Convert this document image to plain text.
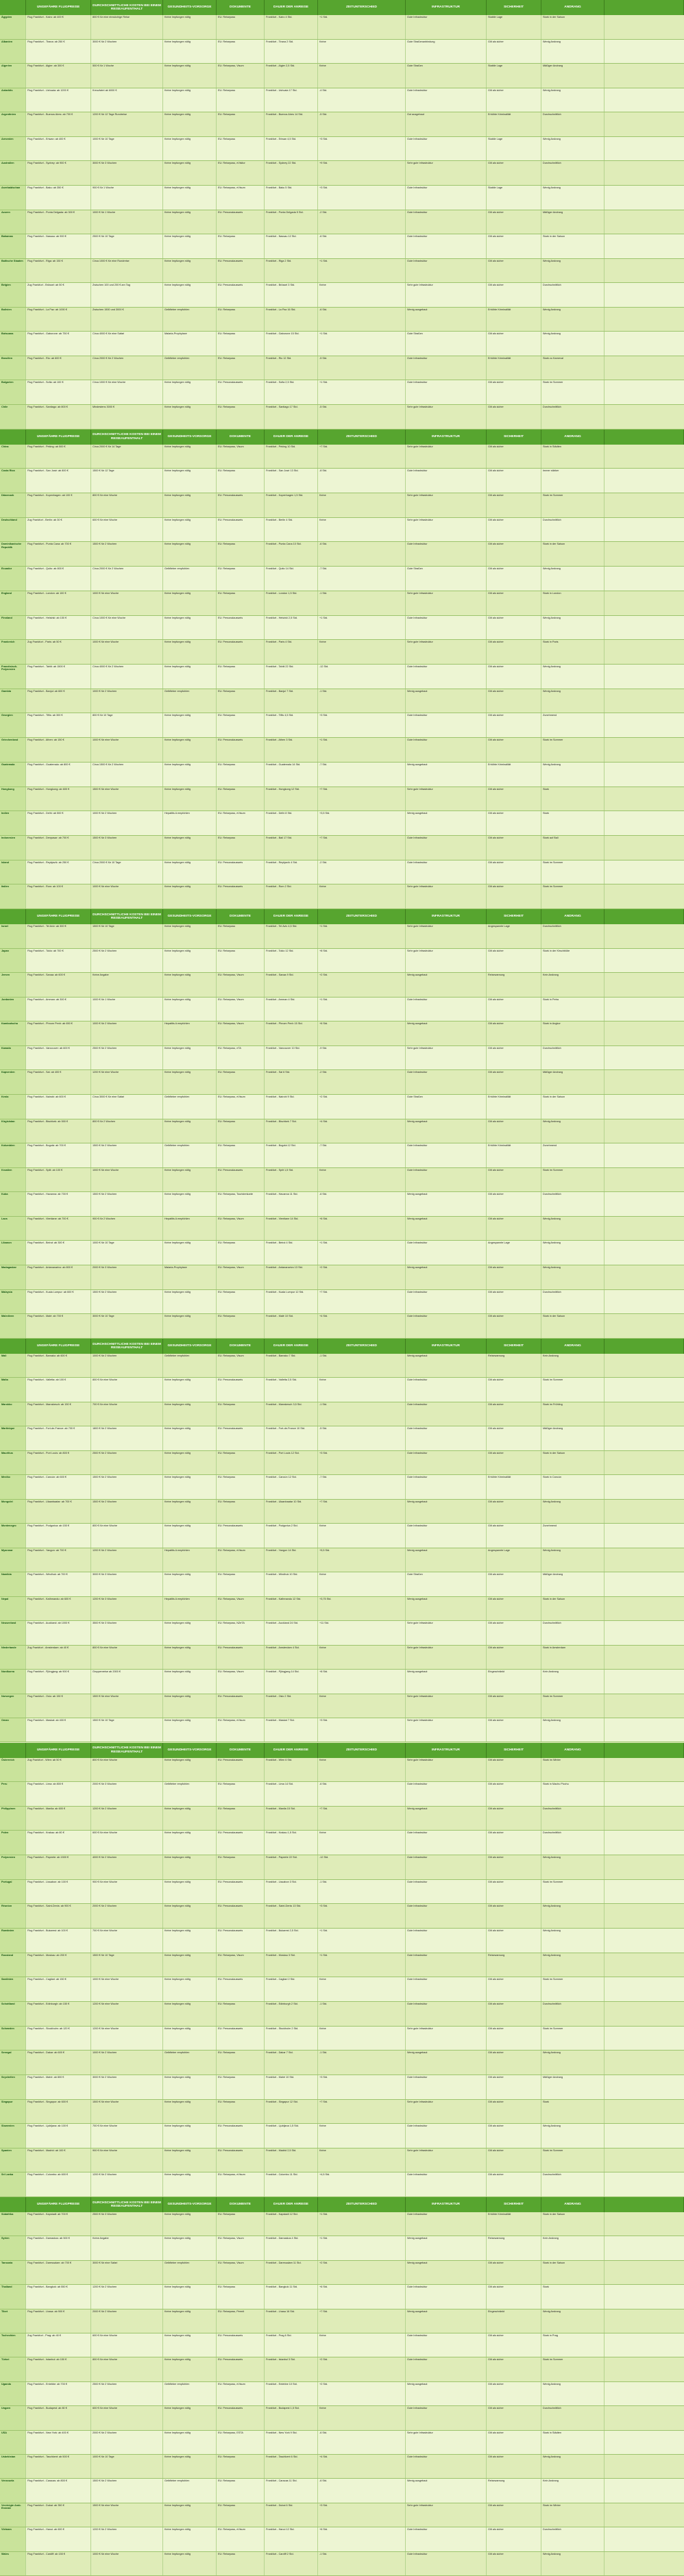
UNGEFÄHRE FLUGPREISE
DURCHSCHNITTLICHE KOSTEN BEI EINEM REISEAUFENTHALT
GESUNDHEITS-VORSORGE	DOKUMENTE	DAUER DER ANREISE	ZEITUNTERSCHIED	INFRASTRUKTUR	SICHERHEIT	ANDRANG
Ägypten	Flug Frankfurt - Kairo: ab 400 €	800 € für eine einwöchige Reise	Keine Impfungen nötig	EU: Reisepass	Frankfurt - Kairo 4 Std.	+1 Std.	Gute Infrastruktur	Stabile Lage	Stark in der Saison
Albanien	Flug Frankfurt - Tirana: ab 250 €	3000 € für 2 Wochen	Keine Impfungen nötig	EU: Reisepass	Frankfurt - Tirana 2 Std.	Keine	Gute Straßenanbindung	Gilt als sicher	Wenig Andrang
Algerien	Flug Frankfurt - Algier: ab 300 €	500 € für 1 Woche	Keine Impfungen nötig	EU: Reisepass, Visum	Frankfurt - Algier 2,5 Std.	Keine	Gute Straßen	Stabile Lage	Mäßiger Andrang
Antarktis	Flug Frankfurt - Ushuaia: ab 1200 €	Kreuzfahrt ab 6000 €	Keine Impfungen nötig	EU: Reisepass	Frankfurt - Ushuaia 17 Std.	-4 Std.	Gute Infrastruktur	Gilt als sicher	Wenig Andrang
Argentinien	Flug Frankfurt - Buenos Aires: ab 700 €	1200 € für 12 Tage Rundreise	Keine Impfungen nötig	EU: Reisepass	Frankfurt - Buenos Aires 14 Std.	-5 Std.	Gut ausgebaut	Erhöhte Kriminalität	Durchschnittlich
Armenien	Flug Frankfurt - Eriwan: ab 400 €	1000 € für 10 Tage	Keine Impfungen nötig	EU: Reisepass	Frankfurt - Eriwan 4,5 Std.	+3 Std.	Gute Infrastruktur	Stabile Lage	Wenig Andrang
Australien	Flug Frankfurt - Sydney: ab 900 €	3000 € für 3 Wochen	Keine Impfungen nötig	EU: Reisepass, eVisitor	Frankfurt - Sydney 22 Std.	+9 Std.	Sehr gute Infrastruktur	Gilt als sicher	Durchschnittlich
Aserbaidschan	Flug Frankfurt - Baku: ab 350 €	900 € für 1 Woche	Keine Impfungen nötig	EU: Reisepass, eVisum	Frankfurt - Baku 5 Std.	+3 Std.	Gute Infrastruktur	Stabile Lage	Wenig Andrang
Azoren	Flug Frankfurt - Ponta Delgada: ab 300 €	1000 € für 1 Woche	Keine Impfungen nötig	EU: Personalausweis	Frankfurt - Ponta Delgada 5 Std.	-2 Std.	Gute Infrastruktur	Gilt als sicher	Mäßiger Andrang
Bahamas	Flug Frankfurt - Nassau: ab 900 €	2500 € für 10 Tage	Keine Impfungen nötig	EU: Reisepass	Frankfurt - Nassau 12 Std.	-6 Std.	Gute Infrastruktur	Gilt als sicher	Stark in der Saison
Baltische Staaten	Flug Frankfurt - Riga: ab 150 €	Circa 1000 € für eine Rundreise	Keine Impfungen nötig	EU: Personalausweis	Frankfurt - Riga 2 Std.	+1 Std.	Gute Infrastruktur	Gilt als sicher	Wenig Andrang
Belgien	Zug Frankfurt - Brüssel: ab 50 €	Zwischen 100 und 200 € am Tag	Keine Impfungen nötig	EU: Personalausweis	Frankfurt - Brüssel 3 Std.	Keine	Sehr gute Infrastruktur	Gilt als sicher	Durchschnittlich
Bolivien	Flug Frankfurt - La Paz: ab 1000 €	Zwischen 1500 und 3000 €	Gelbfieber empfohlen	EU: Reisepass	Frankfurt - La Paz 16 Std.	-6 Std.	Wenig ausgebaut	Erhöhte Kriminalität	Wenig Andrang
Botsuana	Flug Frankfurt - Gaborone: ab 750 €	Circa 4000 € für eine Safari	Malaria-Prophylaxe	EU: Reisepass	Frankfurt - Gaborone 15 Std.	+1 Std.	Gute Straßen	Gilt als sicher	Wenig Andrang
Brasilien	Flug Frankfurt - Rio: ab 600 €	Circa 2000 € für 2 Wochen	Gelbfieber empfohlen	EU: Reisepass	Frankfurt - Rio 12 Std.	-5 Std.	Gute Infrastruktur	Erhöhte Kriminalität	Stark zu Karneval
Bulgarien	Flug Frankfurt - Sofia: ab 100 €	Circa 1000 € für eine Woche	Keine Impfungen nötig	EU: Personalausweis	Frankfurt - Sofia 2,5 Std.	+1 Std.	Gute Infrastruktur	Gilt als sicher	Stark im Sommer
Chile	Flug Frankfurt - Santiago: ab 800 €	Mindestens 3000 €	Keine Impfungen nötig	EU: Reisepass	Frankfurt - Santiago 17 Std.	-5 Std.	Sehr gute Infrastruktur	Gilt als sicher	Durchschnittlich
UNGEFÄHRE FLUGPREISE
DURCHSCHNITTLICHE KOSTEN BEI EINEM REISEAUFENTHALT
GESUNDHEITS-VORSORGE	DOKUMENTE	DAUER DER ANREISE	ZEITUNTERSCHIED	INFRASTRUKTUR	SICHERHEIT	ANDRANG
China	Flug Frankfurt - Peking: ab 500 €	Circa 2000 € für 14 Tage	Keine Impfungen nötig	EU: Reisepass, Visum	Frankfurt - Peking 10 Std.	+7 Std.	Sehr gute Infrastruktur	Gilt als sicher	Stark in Städten
Costa Rica	Flug Frankfurt - San José: ab 800 €	1500 € für 12 Tage	Keine Impfungen nötig	EU: Reisepass	Frankfurt - San José 13 Std.	-8 Std.	Gute Infrastruktur	Gilt als sicher	Immer stärker
Dänemark	Flug Frankfurt - Kopenhagen: ab 100 €	800 € für eine Woche	Keine Impfungen nötig	EU: Personalausweis	Frankfurt - Kopenhagen 1,5 Std.	Keine	Sehr gute Infrastruktur	Gilt als sicher	Stark im Sommer
Deutschland	Zug Frankfurt - Berlin: ab 30 €	600 € für eine Woche	Keine Impfungen nötig	EU: Personalausweis	Frankfurt - Berlin 4 Std.	Keine	Sehr gute Infrastruktur	Gilt als sicher	Durchschnittlich
Dominikanische Republik
Flug Frankfurt - Punta Cana: ab 700 €	1500 € für 2 Wochen	Keine Impfungen nötig	EU: Reisepass	Frankfurt - Punta Cana 10 Std.	-6 Std.	Gute Infrastruktur	Gilt als sicher	Stark in der Saison
Ecuador	Flug Frankfurt - Quito: ab 800 €	Circa 2000 € für 2 Wochen	Gelbfieber empfohlen	EU: Reisepass	Frankfurt - Quito 14 Std.	-7 Std.	Gute Straßen	Gilt als sicher	Wenig Andrang
England	Flug Frankfurt - London: ab 100 €	1000 € für eine Woche	Keine Impfungen nötig	EU: Reisepass	Frankfurt - London 1,5 Std.	-1 Std.	Sehr gute Infrastruktur	Gilt als sicher	Stark in London
Finnland	Flug Frankfurt - Helsinki: ab 150 €	Circa 1000 € für eine Woche	Keine Impfungen nötig	EU: Personalausweis	Frankfurt - Helsinki 2,5 Std.	+1 Std.	Gute Infrastruktur	Gilt als sicher	Wenig Andrang
Frankreich	Zug Frankfurt - Paris: ab 50 €	1000 € für eine Woche	Keine Impfungen nötig	EU: Personalausweis	Frankfurt - Paris 4 Std.	Keine	Sehr gute Infrastruktur	Gilt als sicher	Stark in Paris
Französisch-Polynesien
Flug Frankfurt - Tahiti: ab 1500 €	Circa 4000 € für 2 Wochen	Keine Impfungen nötig	EU: Reisepass	Frankfurt - Tahiti 22 Std.	-12 Std.	Gute Infrastruktur	Gilt als sicher	Wenig Andrang
Gambia	Flug Frankfurt - Banjul: ab 600 €	1000 € für 2 Wochen	Gelbfieber empfohlen	EU: Reisepass	Frankfurt - Banjul 7 Std.	-1 Std.	Wenig ausgebaut	Gilt als sicher	Wenig Andrang
Georgien	Flug Frankfurt - Tiflis: ab 300 €	800 € für 10 Tage	Keine Impfungen nötig	EU: Reisepass	Frankfurt - Tiflis 4,5 Std.	+3 Std.	Gute Infrastruktur	Gilt als sicher	Zunehmend
Griechenland	Flug Frankfurt - Athen: ab 150 €	1000 € für eine Woche	Keine Impfungen nötig	EU: Personalausweis	Frankfurt - Athen 3 Std.	+1 Std.	Gute Infrastruktur	Gilt als sicher	Stark im Sommer
Guatemala	Flug Frankfurt - Guatemala: ab 800 €	Circa 1500 € für 2 Wochen	Keine Impfungen nötig	EU: Reisepass	Frankfurt - Guatemala 14 Std.	-7 Std.	Wenig ausgebaut	Erhöhte Kriminalität	Wenig Andrang
Hongkong	Flug Frankfurt - Hongkong: ab 600 €	1500 € für eine Woche	Keine Impfungen nötig	EU: Reisepass	Frankfurt - Hongkong 12 Std.	+7 Std.	Sehr gute Infrastruktur	Gilt als sicher	Stark
Indien	Flug Frankfurt - Delhi: ab 500 €	1000 € für 2 Wochen	Hepatitis A empfohlen	EU: Reisepass, eVisum	Frankfurt - Delhi 8 Std.	+3,5 Std.	Wenig ausgebaut	Gilt als sicher	Stark
Indonesien	Flug Frankfurt - Denpasar: ab 700 €	1500 € für 3 Wochen	Keine Impfungen nötig	EU: Reisepass	Frankfurt - Bali 17 Std.	+7 Std.	Gute Infrastruktur	Gilt als sicher	Stark auf Bali
Island	Flug Frankfurt - Reykjavík: ab 250 €	Circa 2000 € für 10 Tage	Keine Impfungen nötig	EU: Personalausweis	Frankfurt - Reykjavík 4 Std.	-2 Std.	Gute Infrastruktur	Gilt als sicher	Stark im Sommer
Italien	Flug Frankfurt - Rom: ab 100 €	1000 € für eine Woche	Keine Impfungen nötig	EU: Personalausweis	Frankfurt - Rom 2 Std.	Keine	Sehr gute Infrastruktur	Gilt als sicher	Stark im Sommer
UNGEFÄHRE FLUGPREISE
DURCHSCHNITTLICHE KOSTEN BEI EINEM REISEAUFENTHALT
GESUNDHEITS-VORSORGE	DOKUMENTE	DAUER DER ANREISE	ZEITUNTERSCHIED	INFRASTRUKTUR	SICHERHEIT	ANDRANG
Israel	Flug Frankfurt - Tel Aviv: ab 300 €	1500 € für 10 Tage	Keine Impfungen nötig	EU: Reisepass	Frankfurt - Tel Aviv 4,5 Std.	+1 Std.	Sehr gute Infrastruktur	Angespannte Lage	Durchschnittlich
Japan	Flug Frankfurt - Tokio: ab 700 €	2500 € für 2 Wochen	Keine Impfungen nötig	EU: Reisepass	Frankfurt - Tokio 12 Std.	+8 Std.	Sehr gute Infrastruktur	Gilt als sicher	Stark in der Kirschblüte
Jemen	Flug Frankfurt - Sanaa: ab 600 €	Keine Angabe	Keine Impfungen nötig	EU: Reisepass, Visum	Frankfurt - Sanaa 9 Std.	+2 Std.	Wenig ausgebaut	Reisewarnung	Kein Andrang
Jordanien	Flug Frankfurt - Amman: ab 300 €	1000 € für 1 Woche	Keine Impfungen nötig	EU: Reisepass, Visum	Frankfurt - Amman 4 Std.	+1 Std.	Gute Infrastruktur	Gilt als sicher	Stark in Petra
Kambodscha	Flug Frankfurt - Phnom Penh: ab 650 €	1000 € für 2 Wochen	Hepatitis A empfohlen	EU: Reisepass, Visum	Frankfurt - Phnom Penh 15 Std.	+6 Std.	Wenig ausgebaut	Gilt als sicher	Stark in Angkor
Kanada	Flug Frankfurt - Vancouver: ab 600 €	2500 € für 2 Wochen	Keine Impfungen nötig	EU: Reisepass, eTA	Frankfurt - Vancouver 10 Std.	-9 Std.	Sehr gute Infrastruktur	Gilt als sicher	Durchschnittlich
Kapverden	Flug Frankfurt - Sal: ab 400 €	1200 € für eine Woche	Keine Impfungen nötig	EU: Reisepass	Frankfurt - Sal 6 Std.	-2 Std.	Gute Infrastruktur	Gilt als sicher	Mäßiger Andrang
Kenia	Flug Frankfurt - Nairobi: ab 600 €	Circa 3000 € für eine Safari	Gelbfieber empfohlen	EU: Reisepass, eVisum	Frankfurt - Nairobi 9 Std.	+2 Std.	Gute Straßen	Erhöhte Kriminalität	Stark in der Saison
Kirgisistan	Flug Frankfurt - Bischkek: ab 500 €	800 € für 2 Wochen	Keine Impfungen nötig	EU: Reisepass	Frankfurt - Bischkek 7 Std.	+4 Std.	Wenig ausgebaut	Gilt als sicher	Wenig Andrang
Kolumbien	Flug Frankfurt - Bogotá: ab 700 €	1500 € für 2 Wochen	Gelbfieber empfohlen	EU: Reisepass	Frankfurt - Bogotá 12 Std.	-7 Std.	Gute Infrastruktur	Erhöhte Kriminalität	Zunehmend
Kroatien	Flug Frankfurt - Split: ab 100 €	1000 € für eine Woche	Keine Impfungen nötig	EU: Personalausweis	Frankfurt - Split 1,5 Std.	Keine	Gute Infrastruktur	Gilt als sicher	Stark im Sommer
Kuba	Flug Frankfurt - Havanna: ab 700 €	1500 € für 2 Wochen	Keine Impfungen nötig	EU: Reisepass, Touristenkarte	Frankfurt - Havanna 11 Std.	-6 Std.	Wenig ausgebaut	Gilt als sicher	Durchschnittlich
Laos	Flug Frankfurt - Vientiane: ab 700 €	900 € für 2 Wochen	Hepatitis A empfohlen	EU: Reisepass, Visum	Frankfurt - Vientiane 14 Std.	+6 Std.	Wenig ausgebaut	Gilt als sicher	Wenig Andrang
Libanon	Flug Frankfurt - Beirut: ab 300 €	1000 € für 10 Tage	Keine Impfungen nötig	EU: Reisepass	Frankfurt - Beirut 4 Std.	+1 Std.	Gute Infrastruktur	Angespannte Lage	Wenig Andrang
Madagaskar	Flug Frankfurt - Antananarivo: ab 800 €	2000 € für 3 Wochen	Malaria-Prophylaxe	EU: Reisepass, Visum	Frankfurt - Antananarivo 13 Std.	+2 Std.	Wenig ausgebaut	Gilt als sicher	Wenig Andrang
Malaysia	Flug Frankfurt - Kuala Lumpur: ab 600 €	1500 € für 2 Wochen	Keine Impfungen nötig	EU: Reisepass	Frankfurt - Kuala Lumpur 12 Std.	+7 Std.	Gute Infrastruktur	Gilt als sicher	Durchschnittlich
Malediven	Flug Frankfurt - Malé: ab 700 €	3000 € für 10 Tage	Keine Impfungen nötig	EU: Reisepass	Frankfurt - Malé 10 Std.	+4 Std.	Gute Infrastruktur	Gilt als sicher	Stark in der Saison
UNGEFÄHRE FLUGPREISE
DURCHSCHNITTLICHE KOSTEN BEI EINEM REISEAUFENTHALT
GESUNDHEITS-VORSORGE	DOKUMENTE	DAUER DER ANREISE	ZEITUNTERSCHIED	INFRASTRUKTUR	SICHERHEIT	ANDRANG
Mali	Flug Frankfurt - Bamako: ab 600 €	1000 € für 2 Wochen	Gelbfieber empfohlen	EU: Reisepass, Visum	Frankfurt - Bamako 7 Std.	-1 Std.	Wenig ausgebaut	Reisewarnung	Kein Andrang
Malta	Flug Frankfurt - Valletta: ab 100 €	800 € für eine Woche	Keine Impfungen nötig	EU: Personalausweis	Frankfurt - Valletta 2,5 Std.	Keine	Gute Infrastruktur	Gilt als sicher	Stark im Sommer
Marokko	Flug Frankfurt - Marrakesch: ab 150 €	700 € für eine Woche	Keine Impfungen nötig	EU: Reisepass	Frankfurt - Marrakesch 3,5 Std.	-1 Std.	Gute Infrastruktur	Gilt als sicher	Stark im Frühling
Martinique	Flug Frankfurt - Fort-de-France: ab 700 €	1800 € für 2 Wochen	Keine Impfungen nötig	EU: Personalausweis	Frankfurt - Fort-de-France 10 Std.	-5 Std.	Gute Infrastruktur	Gilt als sicher	Mäßiger Andrang
Mauritius	Flug Frankfurt - Port Louis: ab 800 €	2500 € für 2 Wochen	Keine Impfungen nötig	EU: Reisepass	Frankfurt - Port Louis 12 Std.	+3 Std.	Gute Infrastruktur	Gilt als sicher	Stark in der Saison
Mexiko	Flug Frankfurt - Cancún: ab 600 €	1500 € für 2 Wochen	Keine Impfungen nötig	EU: Reisepass	Frankfurt - Cancún 12 Std.	-7 Std.	Gute Infrastruktur	Erhöhte Kriminalität	Stark in Cancún
Mongolei	Flug Frankfurt - Ulaanbaatar: ab 700 €	1500 € für 2 Wochen	Keine Impfungen nötig	EU: Reisepass	Frankfurt - Ulaanbaatar 10 Std.	+7 Std.	Wenig ausgebaut	Gilt als sicher	Wenig Andrang
Montenegro	Flug Frankfurt - Podgorica: ab 150 €	800 € für eine Woche	Keine Impfungen nötig	EU: Personalausweis	Frankfurt - Podgorica 2 Std.	Keine	Gute Infrastruktur	Gilt als sicher	Zunehmend
Myanmar	Flug Frankfurt - Yangon: ab 700 €	1200 € für 2 Wochen	Hepatitis A empfohlen	EU: Reisepass, eVisum	Frankfurt - Yangon 14 Std.	+5,5 Std.	Wenig ausgebaut	Angespannte Lage	Wenig Andrang
Namibia	Flug Frankfurt - Windhuk: ab 700 €	3000 € für 3 Wochen	Keine Impfungen nötig	EU: Reisepass	Frankfurt - Windhuk 10 Std.	Keine	Gute Straßen	Gilt als sicher	Mäßiger Andrang
Nepal	Flug Frankfurt - Kathmandu: ab 600 €	1200 € für 3 Wochen	Hepatitis A empfohlen	EU: Reisepass, Visum	Frankfurt - Kathmandu 12 Std.	+3,75 Std.	Wenig ausgebaut	Gilt als sicher	Stark in der Saison
Neuseeland	Flug Frankfurt - Auckland: ab 1000 €	3500 € für 3 Wochen	Keine Impfungen nötig	EU: Reisepass, NZeTA	Frankfurt - Auckland 24 Std.	+11 Std.	Sehr gute Infrastruktur	Gilt als sicher	Durchschnittlich
Niederlande	Zug Frankfurt - Amsterdam: ab 40 €	800 € für eine Woche	Keine Impfungen nötig	EU: Personalausweis	Frankfurt - Amsterdam 4 Std.	Keine	Sehr gute Infrastruktur	Gilt als sicher	Stark in Amsterdam
Nordkorea	Flug Frankfurt - Pjöngjang: ab 900 €	Gruppenreise ab 2000 €	Keine Impfungen nötig	EU: Reisepass, Visum	Frankfurt - Pjöngjang 14 Std.	+8 Std.	Wenig ausgebaut	Eingeschränkt	Kein Andrang
Norwegen	Flug Frankfurt - Oslo: ab 150 €	1500 € für eine Woche	Keine Impfungen nötig	EU: Personalausweis	Frankfurt - Oslo 2 Std.	Keine	Sehr gute Infrastruktur	Gilt als sicher	Stark im Sommer
Oman	Flug Frankfurt - Maskat: ab 400 €	1500 € für 10 Tage	Keine Impfungen nötig	EU: Reisepass, eVisum	Frankfurt - Maskat 7 Std.	+3 Std.	Sehr gute Infrastruktur	Gilt als sicher	Wenig Andrang
UNGEFÄHRE FLUGPREISE
DURCHSCHNITTLICHE KOSTEN BEI EINEM REISEAUFENTHALT
GESUNDHEITS-VORSORGE	DOKUMENTE	DAUER DER ANREISE	ZEITUNTERSCHIED	INFRASTRUKTUR	SICHERHEIT	ANDRANG
Österreich	Zug Frankfurt - Wien: ab 50 €	800 € für eine Woche	Keine Impfungen nötig	EU: Personalausweis	Frankfurt - Wien 6 Std.	Keine	Sehr gute Infrastruktur	Gilt als sicher	Stark im Winter
Peru	Flug Frankfurt - Lima: ab 800 €	2000 € für 3 Wochen	Gelbfieber empfohlen	EU: Reisepass	Frankfurt - Lima 14 Std.	-6 Std.	Gute Infrastruktur	Gilt als sicher	Stark in Machu Picchu
Philippinen	Flug Frankfurt - Manila: ab 600 €	1200 € für 2 Wochen	Keine Impfungen nötig	EU: Reisepass	Frankfurt - Manila 15 Std.	+7 Std.	Wenig ausgebaut	Gilt als sicher	Durchschnittlich
Polen	Flug Frankfurt - Krakau: ab 80 €	600 € für eine Woche	Keine Impfungen nötig	EU: Personalausweis	Frankfurt - Krakau 1,5 Std.	Keine	Gute Infrastruktur	Gilt als sicher	Durchschnittlich
Polynesien	Flug Frankfurt - Papeete: ab 1500 €	4000 € für 2 Wochen	Keine Impfungen nötig	EU: Reisepass	Frankfurt - Papeete 22 Std.	-12 Std.	Gute Infrastruktur	Gilt als sicher	Wenig Andrang
Portugal	Flug Frankfurt - Lissabon: ab 100 €	900 € für eine Woche	Keine Impfungen nötig	EU: Personalausweis	Frankfurt - Lissabon 3 Std.	-1 Std.	Gute Infrastruktur	Gilt als sicher	Stark im Sommer
Réunion	Flug Frankfurt - Saint-Denis: ab 900 €	2000 € für 2 Wochen	Keine Impfungen nötig	EU: Personalausweis	Frankfurt - Saint-Denis 13 Std.	+3 Std.	Gute Infrastruktur	Gilt als sicher	Wenig Andrang
Rumänien	Flug Frankfurt - Bukarest: ab 100 €	700 € für eine Woche	Keine Impfungen nötig	EU: Personalausweis	Frankfurt - Bukarest 2,5 Std.	+1 Std.	Gute Infrastruktur	Gilt als sicher	Wenig Andrang
Russland	Flug Frankfurt - Moskau: ab 200 €	1500 € für 10 Tage	Keine Impfungen nötig	EU: Reisepass, Visum	Frankfurt - Moskau 3 Std.	+1 Std.	Gute Infrastruktur	Reisewarnung	Wenig Andrang
Sardinien	Flug Frankfurt - Cagliari: ab 150 €	1000 € für eine Woche	Keine Impfungen nötig	EU: Personalausweis	Frankfurt - Cagliari 2 Std.	Keine	Gute Infrastruktur	Gilt als sicher	Stark im Sommer
Schottland	Flug Frankfurt - Edinburgh: ab 150 €	1200 € für eine Woche	Keine Impfungen nötig	EU: Reisepass	Frankfurt - Edinburgh 2 Std.	-1 Std.	Gute Infrastruktur	Gilt als sicher	Durchschnittlich
Schweden	Flug Frankfurt - Stockholm: ab 120 €	1200 € für eine Woche	Keine Impfungen nötig	EU: Personalausweis	Frankfurt - Stockholm 2 Std.	Keine	Sehr gute Infrastruktur	Gilt als sicher	Stark im Sommer
Senegal	Flug Frankfurt - Dakar: ab 600 €	1000 € für 2 Wochen	Gelbfieber empfohlen	EU: Reisepass	Frankfurt - Dakar 7 Std.	-1 Std.	Wenig ausgebaut	Gilt als sicher	Wenig Andrang
Seychellen	Flug Frankfurt - Mahé: ab 800 €	3000 € für 2 Wochen	Keine Impfungen nötig	EU: Reisepass	Frankfurt - Mahé 10 Std.	+3 Std.	Gute Infrastruktur	Gilt als sicher	Mäßiger Andrang
Singapur	Flug Frankfurt - Singapur: ab 600 €	1500 € für eine Woche	Keine Impfungen nötig	EU: Reisepass	Frankfurt - Singapur 12 Std.	+7 Std.	Sehr gute Infrastruktur	Gilt als sicher	Stark
Slowenien	Flug Frankfurt - Ljubljana: ab 100 €	700 € für eine Woche	Keine Impfungen nötig	EU: Personalausweis	Frankfurt - Ljubljana 1,5 Std.	Keine	Gute Infrastruktur	Gilt als sicher	Wenig Andrang
Spanien	Flug Frankfurt - Madrid: ab 100 €	900 € für eine Woche	Keine Impfungen nötig	EU: Personalausweis	Frankfurt - Madrid 2,5 Std.	Keine	Sehr gute Infrastruktur	Gilt als sicher	Stark im Sommer
Sri Lanka	Flug Frankfurt - Colombo: ab 600 €	1200 € für 2 Wochen	Keine Impfungen nötig	EU: Reisepass, eVisum	Frankfurt - Colombo 11 Std.	+4,5 Std.	Gute Infrastruktur	Gilt als sicher	Durchschnittlich
UNGEFÄHRE FLUGPREISE
DURCHSCHNITTLICHE KOSTEN BEI EINEM REISEAUFENTHALT
GESUNDHEITS-VORSORGE	DOKUMENTE	DAUER DER ANREISE	ZEITUNTERSCHIED	INFRASTRUKTUR	SICHERHEIT	ANDRANG
Südafrika	Flug Frankfurt - Kapstadt: ab 700 €	2500 € für 3 Wochen	Keine Impfungen nötig	EU: Reisepass	Frankfurt - Kapstadt 12 Std.	+1 Std.	Gute Infrastruktur	Erhöhte Kriminalität	Stark in der Saison
Syrien	Flug Frankfurt - Damaskus: ab 500 €	Keine Angabe	Keine Impfungen nötig	EU: Reisepass, Visum	Frankfurt - Damaskus 4 Std.	+1 Std.	Wenig ausgebaut	Reisewarnung	Kein Andrang
Tansania	Flug Frankfurt - Daressalam: ab 700 €	3000 € für eine Safari	Gelbfieber empfohlen	EU: Reisepass, Visum	Frankfurt - Daressalam 11 Std.	+2 Std.	Wenig ausgebaut	Gilt als sicher	Stark in der Saison
Thailand	Flug Frankfurt - Bangkok: ab 550 €	1200 € für 2 Wochen	Keine Impfungen nötig	EU: Reisepass	Frankfurt - Bangkok 11 Std.	+6 Std.	Gute Infrastruktur	Gilt als sicher	Stark
Tibet	Flug Frankfurt - Lhasa: ab 900 €	2000 € für 2 Wochen	Keine Impfungen nötig	EU: Reisepass, Permit	Frankfurt - Lhasa 16 Std.	+7 Std.	Wenig ausgebaut	Eingeschränkt	Wenig Andrang
Tschechien	Zug Frankfurt - Prag: ab 40 €	600 € für eine Woche	Keine Impfungen nötig	EU: Personalausweis	Frankfurt - Prag 6 Std.	Keine	Gute Infrastruktur	Gilt als sicher	Stark in Prag
Türkei	Flug Frankfurt - Istanbul: ab 150 €	800 € für eine Woche	Keine Impfungen nötig	EU: Personalausweis	Frankfurt - Istanbul 3 Std.	+2 Std.	Gute Infrastruktur	Gilt als sicher	Stark im Sommer
Uganda	Flug Frankfurt - Entebbe: ab 700 €	2500 € für 2 Wochen	Gelbfieber empfohlen	EU: Reisepass, eVisum	Frankfurt - Entebbe 10 Std.	+2 Std.	Wenig ausgebaut	Gilt als sicher	Wenig Andrang
Ungarn	Flug Frankfurt - Budapest: ab 80 €	600 € für eine Woche	Keine Impfungen nötig	EU: Personalausweis	Frankfurt - Budapest 1,5 Std.	Keine	Gute Infrastruktur	Gilt als sicher	Durchschnittlich
USA	Flug Frankfurt - New York: ab 400 €	2000 € für 2 Wochen	Keine Impfungen nötig	EU: Reisepass, ESTA	Frankfurt - New York 9 Std.	-6 Std.	Sehr gute Infrastruktur	Gilt als sicher	Stark in Städten
Usbekistan	Flug Frankfurt - Taschkent: ab 500 €	1000 € für 10 Tage	Keine Impfungen nötig	EU: Reisepass	Frankfurt - Taschkent 6 Std.	+4 Std.	Gute Infrastruktur	Gilt als sicher	Wenig Andrang
Venezuela	Flug Frankfurt - Caracas: ab 800 €	1500 € für 2 Wochen	Gelbfieber empfohlen	EU: Reisepass	Frankfurt - Caracas 11 Std.	-6 Std.	Wenig ausgebaut	Reisewarnung	Kein Andrang
Vereinigte Arab. Emirate
Flug Frankfurt - Dubai: ab 350 €	1500 € für eine Woche	Keine Impfungen nötig	EU: Reisepass	Frankfurt - Dubai 6 Std.	+3 Std.	Sehr gute Infrastruktur	Gilt als sicher	Stark im Winter
Vietnam	Flug Frankfurt - Hanoi: ab 600 €	1200 € für 2 Wochen	Keine Impfungen nötig	EU: Reisepass, eVisum	Frankfurt - Hanoi 12 Std.	+6 Std.	Gute Infrastruktur	Gilt als sicher	Durchschnittlich
Wales	Flug Frankfurt - Cardiff: ab 150 €	1000 € für eine Woche	Keine Impfungen nötig	EU: Reisepass	Frankfurt - Cardiff 2 Std.	-1 Std.	Gute Infrastruktur	Gilt als sicher	Wenig Andrang
